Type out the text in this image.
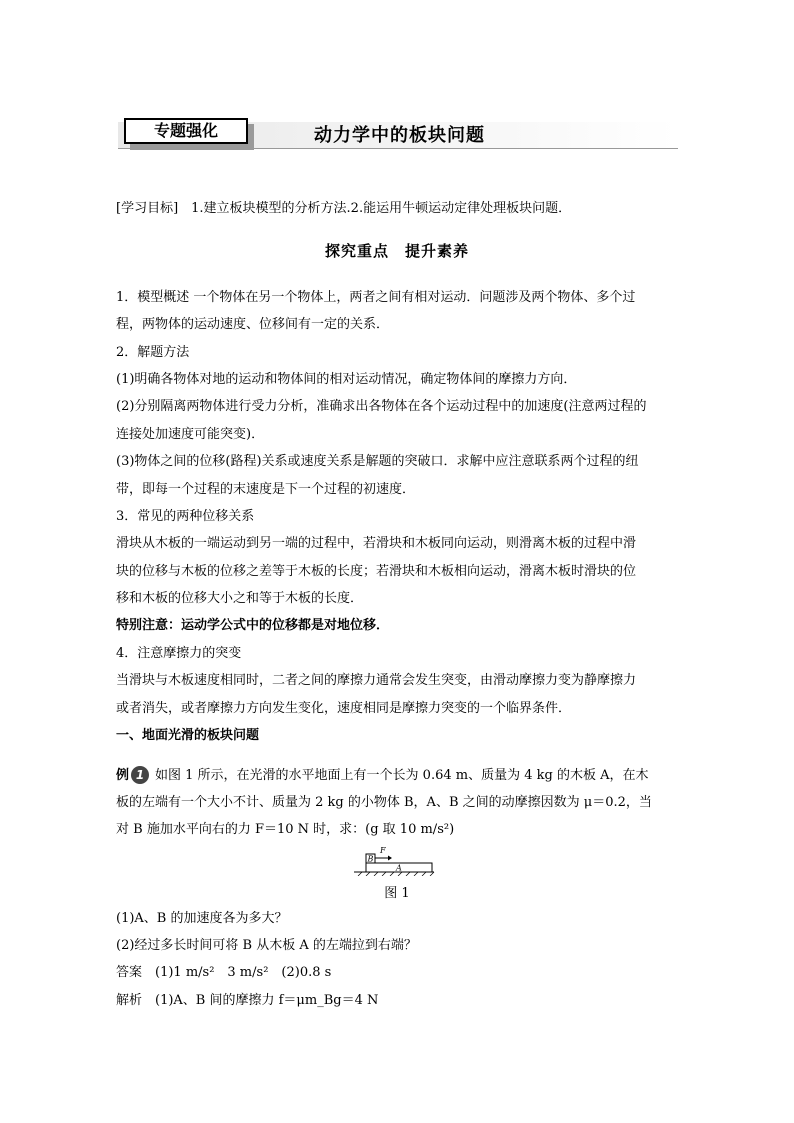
专题强化	动力学中的板块问题
[学习目标]　1.建立板块模型的分析方法.2.能运用牛顿运动定律处理板块问题．
探究重点　提升素养
1．模型概述 一个物体在另一个物体上，两者之间有相对运动．问题涉及两个物体、多个过
程，两物体的运动速度、位移间有一定的关系．
2．解题方法
(1)明确各物体对地的运动和物体间的相对运动情况，确定物体间的摩擦力方向．
(2)分别隔离两物体进行受力分析，准确求出各物体在各个运动过程中的加速度(注意两过程的
连接处加速度可能突变)．
(3)物体之间的位移(路程)关系或速度关系是解题的突破口．求解中应注意联系两个过程的纽
带，即每一个过程的末速度是下一个过程的初速度．
3．常见的两种位移关系
滑块从木板的一端运动到另一端的过程中，若滑块和木板同向运动，则滑离木板的过程中滑
块的位移与木板的位移之差等于木板的长度；若滑块和木板相向运动，滑离木板时滑块的位
移和木板的位移大小之和等于木板的长度．
特别注意：运动学公式中的位移都是对地位移．
4．注意摩擦力的突变
当滑块与木板速度相同时，二者之间的摩擦力通常会发生突变，由滑动摩擦力变为静摩擦力
或者消失，或者摩擦力方向发生变化，速度相同是摩擦力突变的一个临界条件．
一、地面光滑的板块问题
例 1 如图 1 所示，在光滑的水平地面上有一个长为 0.64 m、质量为 4 kg 的木板 A，在木
板的左端有一个大小不计、质量为 2 kg 的小物体 B，A、B 之间的动摩擦因数为 μ＝0.2，当
对 B 施加水平向右的力 F＝10 N 时，求：(g 取 10 m/s²)
B
A
F
图 1
(1)A、B 的加速度各为多大？
(2)经过多长时间可将 B 从木板 A 的左端拉到右端？
答案　(1)1 m/s²　3 m/s²　(2)0.8 s
解析　(1)A、B 间的摩擦力 f＝μm_Bg＝4 N
